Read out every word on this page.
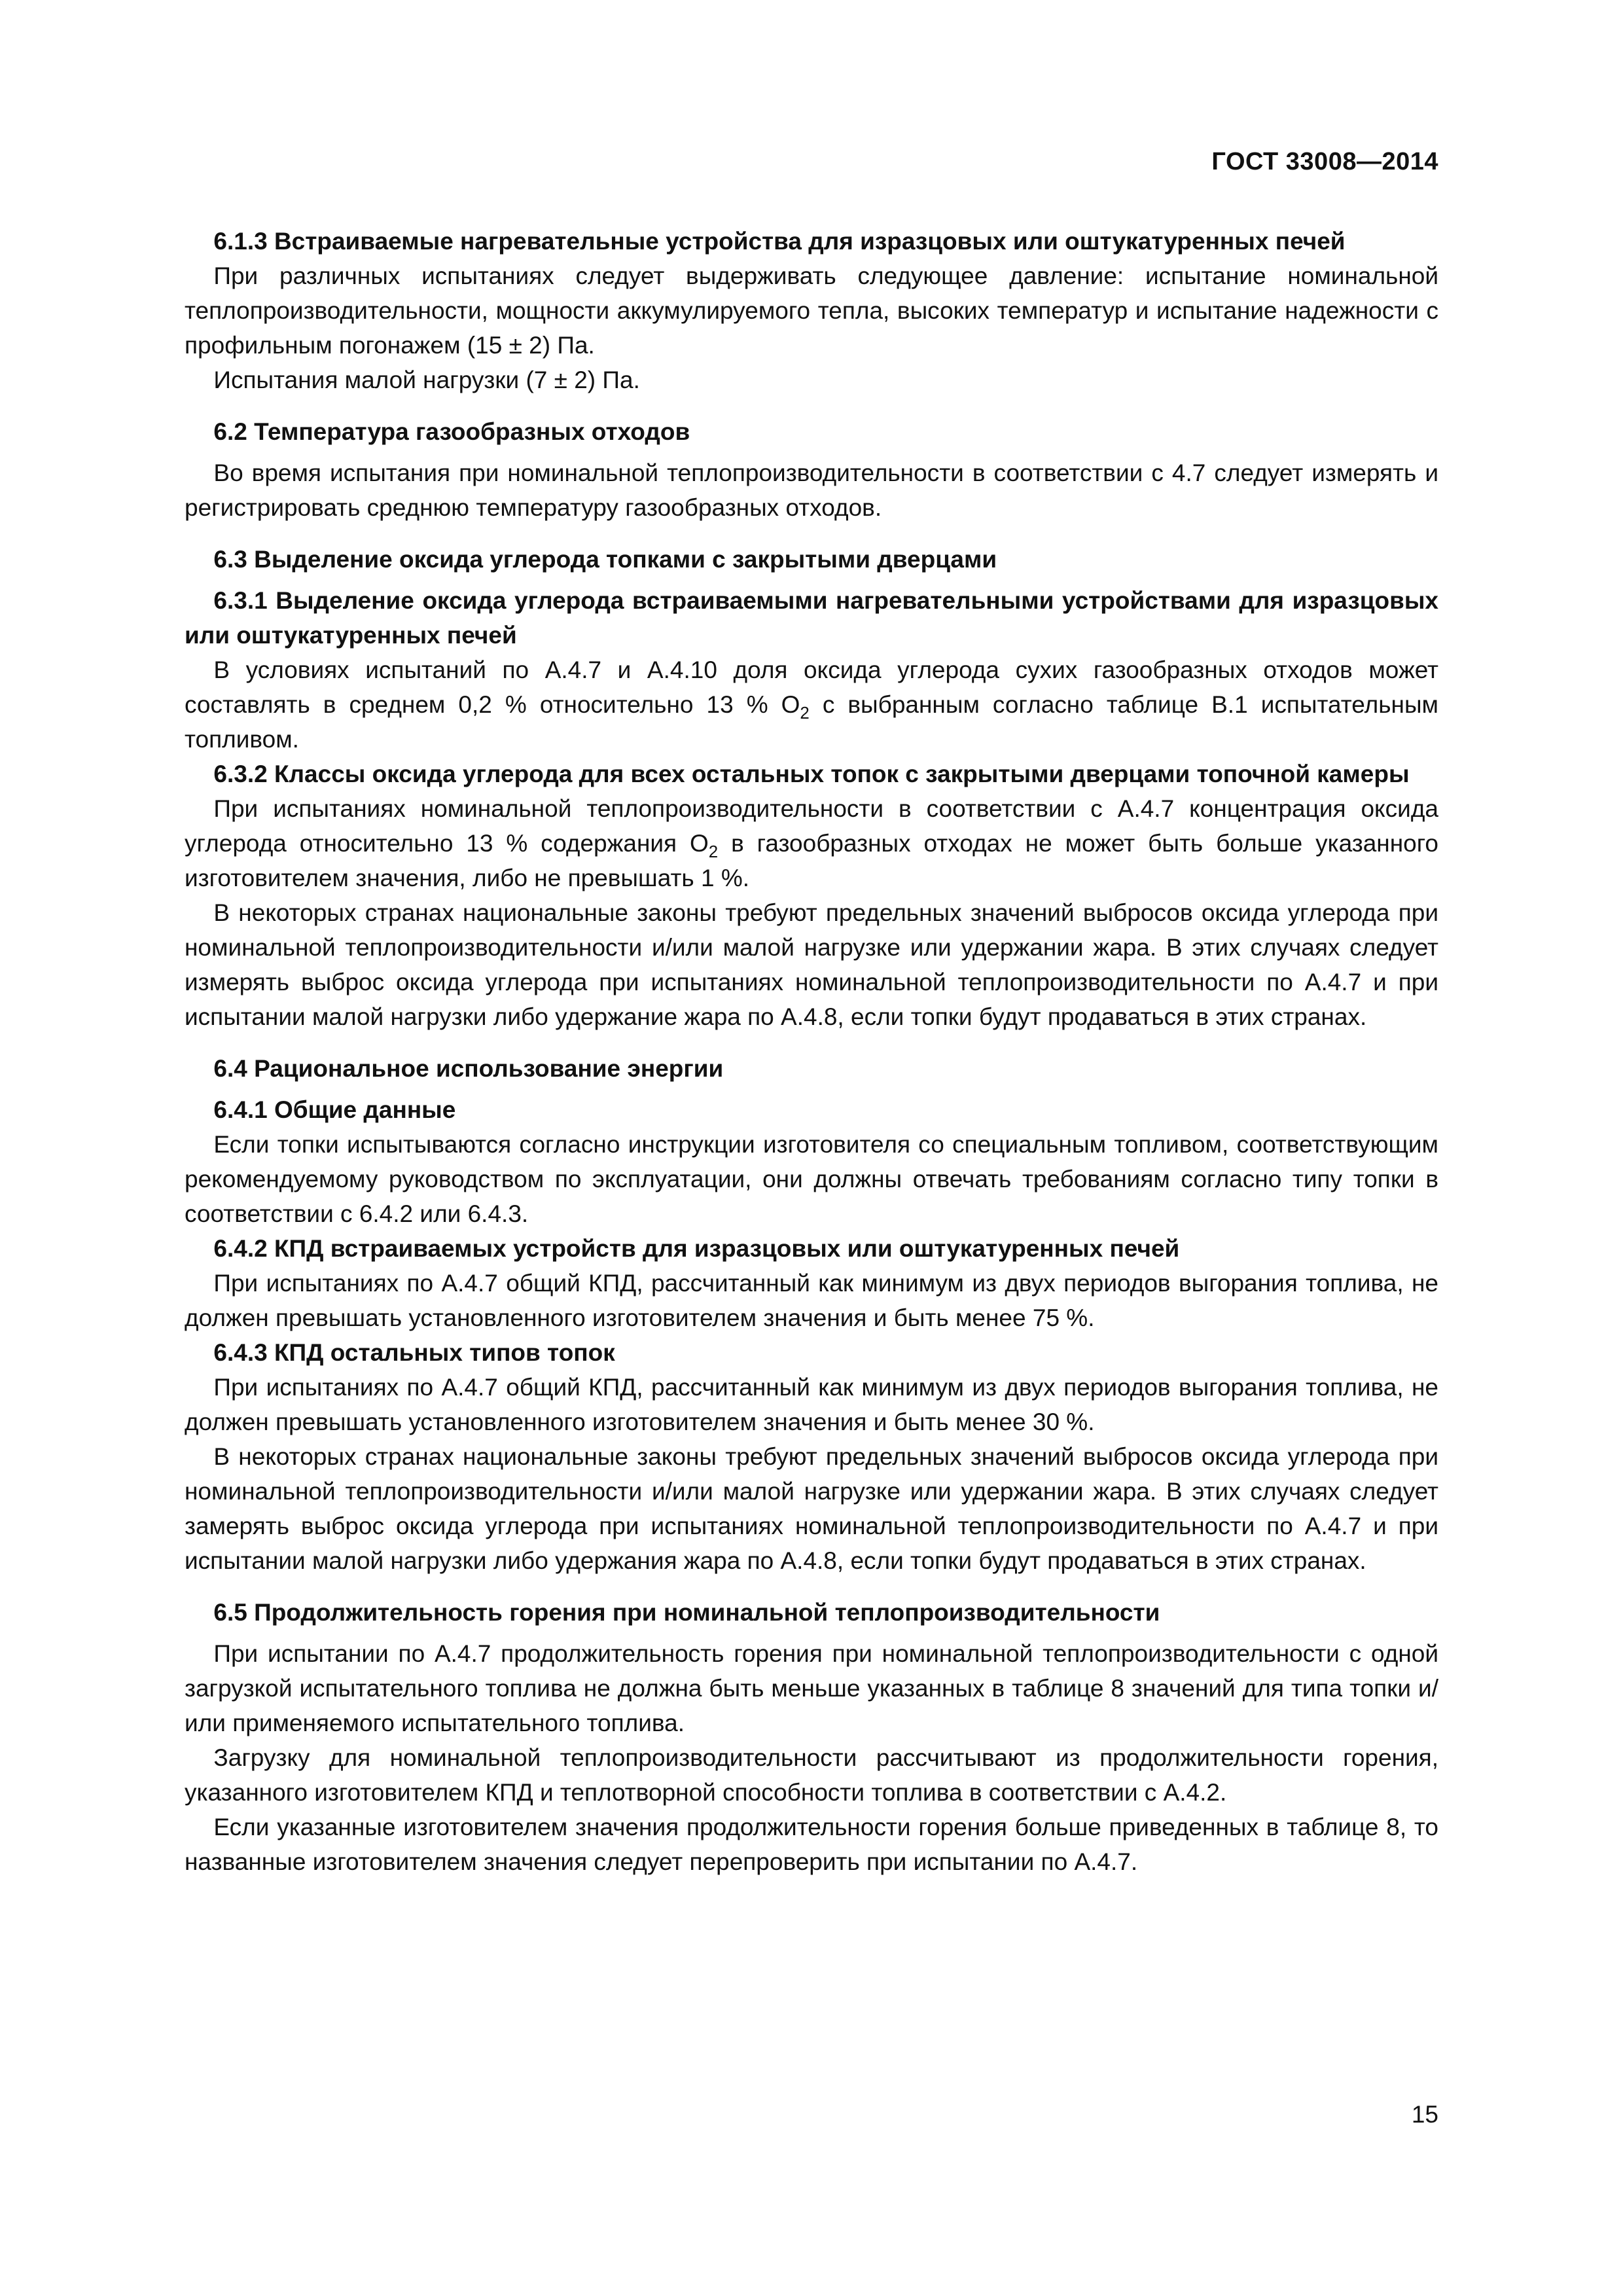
ГОСТ 33008—2014
6.1.3 Встраиваемые нагревательные устройства для изразцовых или оштукатуренных печей

При различных испытаниях следует выдерживать следующее давление: испытание номинальной теплопроизводительности, мощности аккумулируемого тепла, высоких температур и испытание надежности с профильным погонажем (15 ± 2) Па.

Испытания малой нагрузки (7 ± 2) Па.

6.2 Температура газообразных отходов

Во время испытания при номинальной теплопроизводительности в соответствии с 4.7 следует измерять и регистрировать среднюю температуру газообразных отходов.

6.3 Выделение оксида углерода топками с закрытыми дверцами
6.3.1 Выделение оксида углерода встраиваемыми нагревательными устройствами для изразцовых или оштукатуренных печей

В условиях испытаний по А.4.7 и А.4.10 доля оксида углерода сухих газообразных отходов может составлять в среднем 0,2 % относительно 13 % $O_2$ с выбранным согласно таблице В.1 испытательным топливом.

6.3.2 Классы оксида углерода для всех остальных топок с закрытыми дверцами топочной камеры

При испытаниях номинальной теплопроизводительности в соответствии с А.4.7 концентрация оксида углерода относительно 13 % содержания $O_2$ в газообразных отходах не может быть больше указанного изготовителем значения, либо не превышать 1 %.

В некоторых странах национальные законы требуют предельных значений выбросов оксида углерода при номинальной теплопроизводительности и/или малой нагрузке или удержании жара. В этих случаях следует измерять выброс оксида углерода при испытаниях номинальной теплопроизводительности по А.4.7 и при испытании малой нагрузки либо удержание жара по А.4.8, если топки будут продаваться в этих странах.

6.4 Рациональное использование энергии
6.4.1 Общие данные

Если топки испытываются согласно инструкции изготовителя со специальным топливом, соответствующим рекомендуемому руководством по эксплуатации, они должны отвечать требованиям согласно типу топки в соответствии с 6.4.2 или 6.4.3.

6.4.2 КПД встраиваемых устройств для изразцовых или оштукатуренных печей

При испытаниях по А.4.7 общий КПД, рассчитанный как минимум из двух периодов выгорания топлива, не должен превышать установленного изготовителем значения и быть менее 75 %.

6.4.3 КПД остальных типов топок

При испытаниях по А.4.7 общий КПД, рассчитанный как минимум из двух периодов выгорания топлива, не должен превышать установленного изготовителем значения и быть менее 30 %.

В некоторых странах национальные законы требуют предельных значений выбросов оксида углерода при номинальной теплопроизводительности и/или малой нагрузке или удержании жара. В этих случаях следует замерять выброс оксида углерода при испытаниях номинальной теплопроизводительности по А.4.7 и при испытании малой нагрузки либо удержания жара по А.4.8, если топки будут продаваться в этих странах.

6.5 Продолжительность горения при номинальной теплопроизводительности

При испытании по А.4.7 продолжительность горения при номинальной теплопроизводительности с одной загрузкой испытательного топлива не должна быть меньше указанных в таблице 8 значений для типа топки и/или применяемого испытательного топлива.

Загрузку для номинальной теплопроизводительности рассчитывают из продолжительности горения, указанного изготовителем КПД и теплотворной способности топлива в соответствии с А.4.2.

Если указанные изготовителем значения продолжительности горения больше приведенных в таблице 8, то названные изготовителем значения следует перепроверить при испытании по А.4.7.

15
